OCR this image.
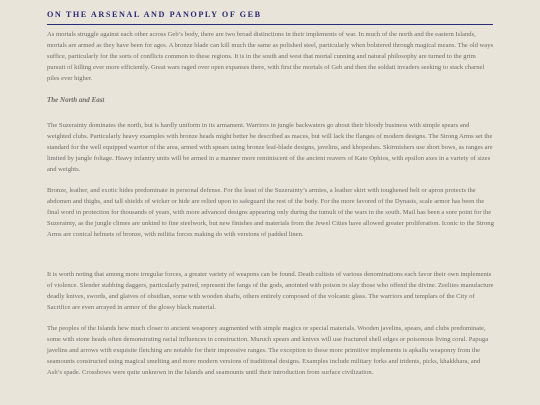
ON THE ARSENAL AND PANOPLY OF GEB

As mortals struggle against each other across Geb’s body, there are two broad distinctions in their implements of war. In much of the north and the eastern Islands, mortals are armed as they have been for ages. A bronze blade can kill much the same as polished steel, particularly when bolstered through magical means. The old ways suffice, particularly for the sorts of conflicts common to these regions. It is in the south and west that mortal cunning and natural philosophy are turned to the grim pursuit of killing ever more efficiently. Great wars raged over open expanses there, with first the mortals of Geb and then the soldati invaders seeking to stack charnel piles ever higher.

The North and East

The Suzerainty dominates the north, but is hardly uniform in its armament. Warriors in jungle backwaters go about their bloody business with simple spears and weighted clubs. Particularly heavy examples with bronze heads might better be described as maces, but will lack the flanges of modern designs. The Strong Arms set the standard for the well equipped warrior of the area, armed with spears using bronze leaf-blade designs, javelins, and khopeshes. Skirmishers use short bows, as ranges are limited by jungle foliage. Heavy infantry units will be armed in a manner more reminiscent of the ancient reavers of Kato Ophios, with epsilon axes in a variety of sizes and weights.

Bronze, leather, and exotic hides predominate in personal defense. For the least of the Suzerainty’s armies, a leather skirt with toughened belt or apron protects the abdomen and thighs, and tall shields of wicker or hide are relied upon to safeguard the rest of the body. For the more favored of the Dynasts, scale armor has been the final word in protection for thousands of years, with more advanced designs appearing only during the tumult of the wars in the south. Mail has been a sore point for the Suzerainty, as the jungle climes are unkind to fine steelwork, but new finishes and materials from the Jewel Cities have allowed greater proliferation. Iconic to the Strong Arms are conical helmets of bronze, with militia forces making do with versions of padded linen.

It is worth noting that among more irregular forces, a greater variety of weapons can be found. Death cultists of various denominations each favor their own implements of violence. Slender stabbing daggers, particularly paired, represent the fangs of the gods, anointed with poison to slay those who offend the divine. Zeelites manufacture deadly knives, swords, and glaives of obsidian, some with wooden shafts, others entirely composed of the volcanic glass. The warriors and templars of the City of Sacrifice are even arrayed in armor of the glossy black material.

The peoples of the Islands hew much closer to ancient weaponry augmented with simple magics or special materials. Wooden javelins, spears, and clubs predominate, some with stone heads often demonstrating racial influences in construction. Muruch spears and knives will use fractured shell edges or poisonous living coral. Papuga javelins and arrows with exquisite fletching are notable for their impressive ranges. The exception to these more primitive implements is apkallu weaponry from the seamounts constructed using magical smelting and more modern versions of traditional designs. Examples include military forks and tridents, picks, khakkhara, and Ash’s spade. Crossbows were quite unknown in the Islands and seamounts until their introduction from surface civilization.
